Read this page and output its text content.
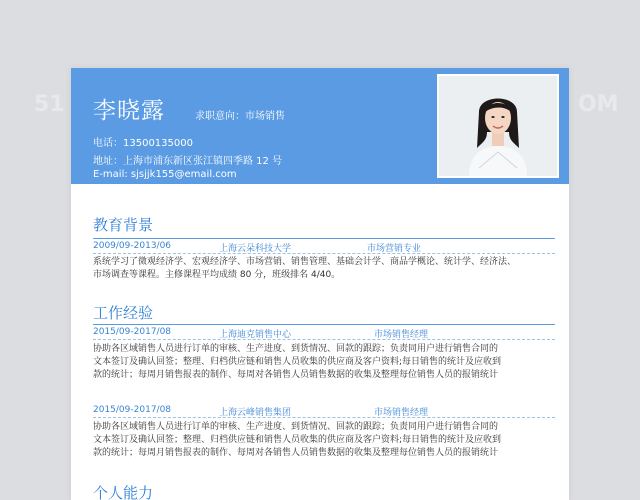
51	OM
李晓露	求职意向：市场销售
电话：13500135000
地址：上海市浦东新区张江镇四季路 12 号
E-mail: sjsjjk155@email.com
教育背景
2009/09-2013/06	上海云朵科技大学	市场营销专业
系统学习了微观经济学、宏观经济学、市场营销、销售管理、基础会计学、商品学概论、统计学、经济法、
市场调查等课程。主修课程平均成绩 80 分，班级排名 4/40。
工作经验
2015/09-2017/08	上海迪克销售中心	市场销售经理
协助各区域销售人员进行订单的审核、生产进度、到货情况、回款的跟踪；负责同用户进行销售合同的
文本签订及确认回签；整理、归档供应链和销售人员收集的供应商及客户资料;每日销售的统计及应收到
款的统计；每周月销售报表的制作、每周对各销售人员销售数据的收集及整理每位销售人员的报销统计
2015/09-2017/08	上海云峰销售集团	市场销售经理
协助各区域销售人员进行订单的审核、生产进度、到货情况、回款的跟踪；负责同用户进行销售合同的
文本签订及确认回签；整理、归档供应链和销售人员收集的供应商及客户资料;每日销售的统计及应收到
款的统计；每周月销售报表的制作、每周对各销售人员销售数据的收集及整理每位销售人员的报销统计
个人能力
